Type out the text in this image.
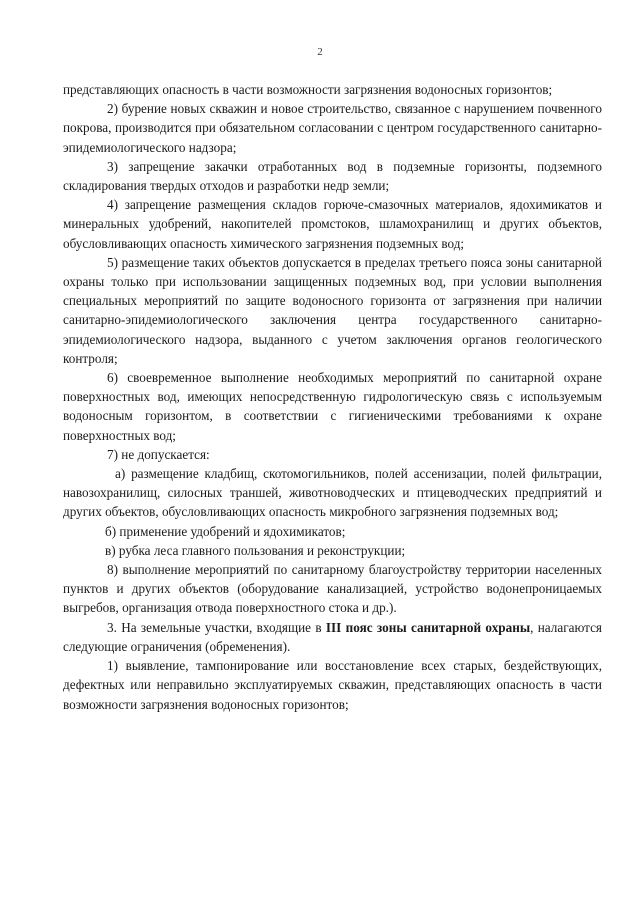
2

представляющих опасность в части возможности загрязнения водоносных горизонтов;

2) бурение новых скважин и новое строительство, связанное с нарушением почвенного покрова, производится при обязательном согласовании с центром государственного санитарно-эпидемиологического надзора;

3) запрещение закачки отработанных вод в подземные горизонты, подземного складирования твердых отходов и разработки недр земли;

4) запрещение размещения складов горюче-смазочных материалов, ядохимикатов и минеральных удобрений, накопителей промстоков, шламохранилищ и других объектов, обусловливающих опасность химического загрязнения подземных вод;

5) размещение таких объектов допускается в пределах третьего пояса зоны санитарной охраны только при использовании защищенных подземных вод, при условии выполнения специальных мероприятий по защите водоносного горизонта от загрязнения при наличии санитарно-эпидемиологического заключения центра государственного санитарно-эпидемиологического надзора, выданного с учетом заключения органов геологического контроля;

6) своевременное выполнение необходимых мероприятий по санитарной охране поверхностных вод, имеющих непосредственную гидрологическую связь с используемым водоносным горизонтом, в соответствии с гигиеническими требованиями к охране поверхностных вод;

7) не допускается:

а) размещение кладбищ, скотомогильников, полей ассенизации, полей фильтрации, навозохранилищ, силосных траншей, животноводческих и птицеводческих предприятий и других объектов, обусловливающих опасность микробного загрязнения подземных вод;

б) применение удобрений и ядохимикатов;

в) рубка леса главного пользования и реконструкции;

8) выполнение мероприятий по санитарному благоустройству территории населенных пунктов и других объектов (оборудование канализацией, устройство водонепроницаемых выгребов, организация отвода поверхностного стока и др.).

3. На земельные участки, входящие в III пояс зоны санитарной охраны, налагаются следующие ограничения (обременения).

1) выявление, тампонирование или восстановление всех старых, бездействующих, дефектных или неправильно эксплуатируемых скважин, представляющих опасность в части возможности загрязнения водоносных горизонтов;
